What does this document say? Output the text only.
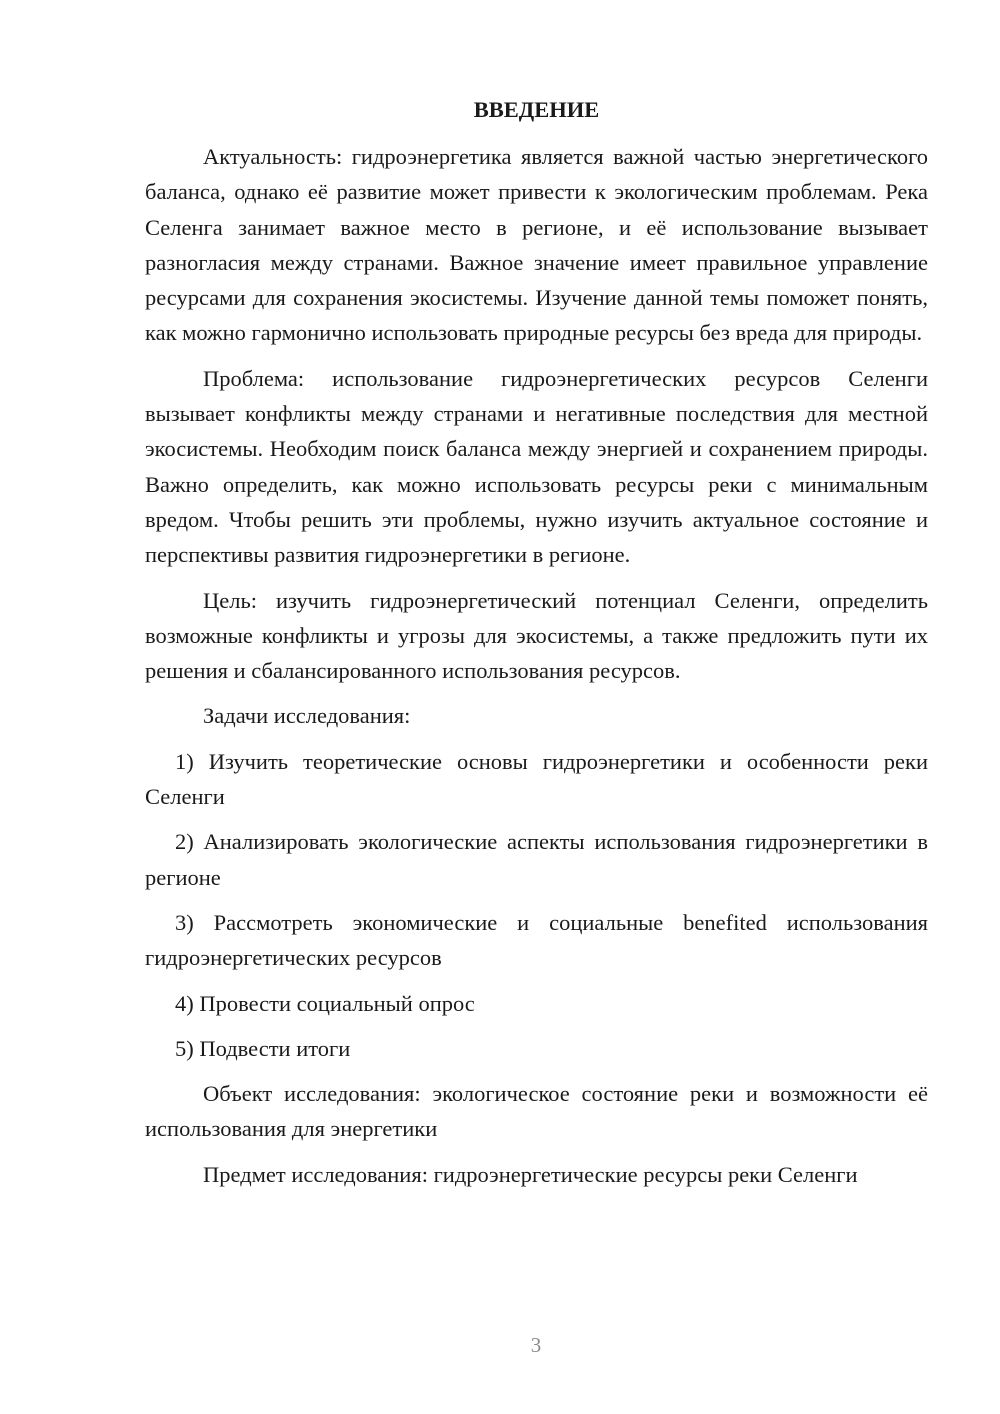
ВВЕДЕНИЕ

Актуальность: гидроэнергетика является важной частью энергетического баланса, однако её развитие может привести к экологическим проблемам. Река Селенга занимает важное место в регионе, и её использование вызывает разногласия между странами. Важное значение имеет правильное управление ресурсами для сохранения экосистемы. Изучение данной темы поможет понять, как можно гармонично использовать природные ресурсы без вреда для природы.

Проблема: использование гидроэнергетических ресурсов Селенги вызывает конфликты между странами и негативные последствия для местной экосистемы. Необходим поиск баланса между энергией и сохранением природы. Важно определить, как можно использовать ресурсы реки с минимальным вредом. Чтобы решить эти проблемы, нужно изучить актуальное состояние и перспективы развития гидроэнергетики в регионе.

Цель: изучить гидроэнергетический потенциал Селенги, определить возможные конфликты и угрозы для экосистемы, а также предложить пути их решения и сбалансированного использования ресурсов.

Задачи исследования:

1) Изучить теоретические основы гидроэнергетики и особенности реки Селенги

2) Анализировать экологические аспекты использования гидроэнергетики в регионе

3) Рассмотреть экономические и социальные benefited использования гидроэнергетических ресурсов

4) Провести социальный опрос

5) Подвести итоги

Объект исследования: экологическое состояние реки и возможности её использования для энергетики

Предмет исследования: гидроэнергетические ресурсы реки Селенги

3
